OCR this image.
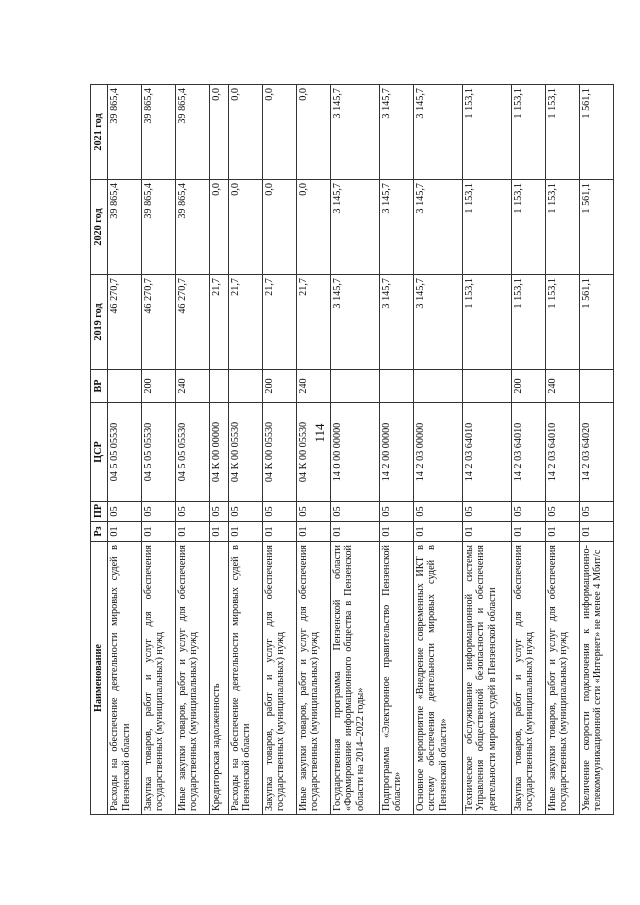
114
Наименование	Рз	ПР	ЦСР	ВР	2019 год	2020 год	2021 год
Расходы на обеспечение деятельности мировых судей в Пензенской области	01	05	04 5 05 05530		46 270,7	39 865,4	39 865,4
Закупка товаров, работ и услуг для обеспечения государственных (муниципальных) нужд	01	05	04 5 05 05530	200	46 270,7	39 865,4	39 865,4
Иные закупки товаров, работ и услуг для обеспечения государственных (муниципальных) нужд	01	05	04 5 05 05530	240	46 270,7	39 865,4	39 865,4
Кредиторская задолженность	01	05	04 К 00 00000		21,7	0,0	0,0
Расходы на обеспечение деятельности мировых судей в Пензенской области	01	05	04 К 00 05530		21,7	0,0	0,0
Закупка товаров, работ и услуг для обеспечения государственных (муниципальных) нужд	01	05	04 К 00 05530	200	21,7	0,0	0,0
Иные закупки товаров, работ и услуг для обеспечения государственных (муниципальных) нужд	01	05	04 К 00 05530	240	21,7	0,0	0,0
Государственная программа Пензенской области «Формирование информационного общества в Пензенской области на 2014–2022 годы»	01	05	14 0 00 00000		3 145,7	3 145,7	3 145,7
Подпрограмма «Электронное правительство Пензенской области»	01	05	14 2 00 00000		3 145,7	3 145,7	3 145,7
Основное мероприятие «Внедрение современных ИКТ в систему обеспечения деятельности мировых судей в Пензенской области»	01	05	14 2 03 00000		3 145,7	3 145,7	3 145,7
Техническое обслуживание информационной системы Управления общественной безопасности и обеспечения деятельности мировых судей в Пензенской области	01	05	14 2 03 64010		1 153,1	1 153,1	1 153,1
Закупка товаров, работ и услуг для обеспечения государственных (муниципальных) нужд	01	05	14 2 03 64010	200	1 153,1	1 153,1	1 153,1
Иные закупки товаров, работ и услуг для обеспечения государственных (муниципальных) нужд	01	05	14 2 03 64010	240	1 153,1	1 153,1	1 153,1
Увеличение скорости подключения к информационно-телекоммуникационной сети «Интернет» не менее 4 Мбит/с	01	05	14 2 03 64020		1 561,1	1 561,1	1 561,1
